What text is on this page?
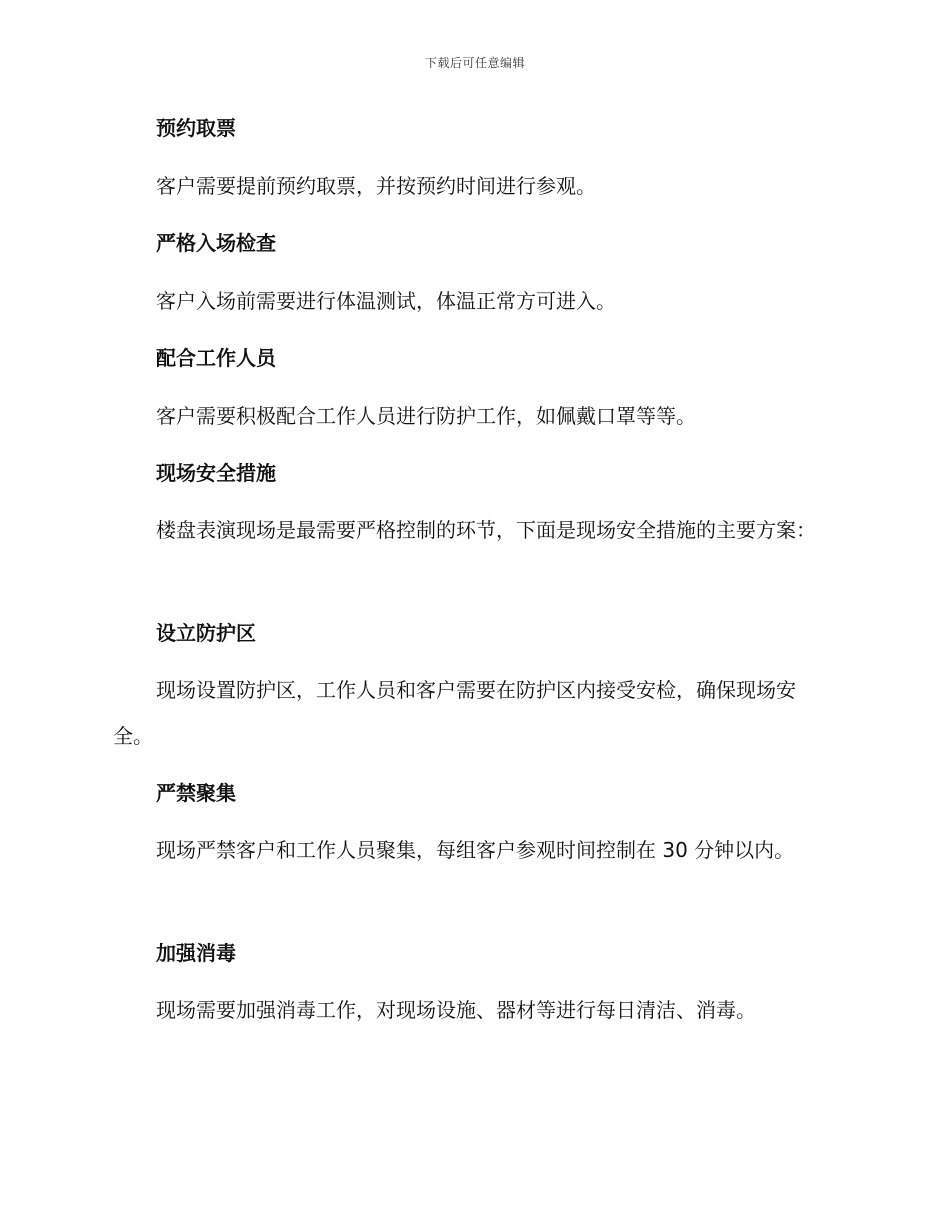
下载后可任意编辑

预约取票

客户需要提前预约取票，并按预约时间进行参观。

严格入场检查

客户入场前需要进行体温测试，体温正常方可进入。

配合工作人员

客户需要积极配合工作人员进行防护工作，如佩戴口罩等等。

现场安全措施

楼盘表演现场是最需要严格控制的环节，下面是现场安全措施的主要方案：

设立防护区

现场设置防护区，工作人员和客户需要在防护区内接受安检，确保现场安全。

严禁聚集

现场严禁客户和工作人员聚集，每组客户参观时间控制在 30 分钟以内。

加强消毒

现场需要加强消毒工作，对现场设施、器材等进行每日清洁、消毒。
